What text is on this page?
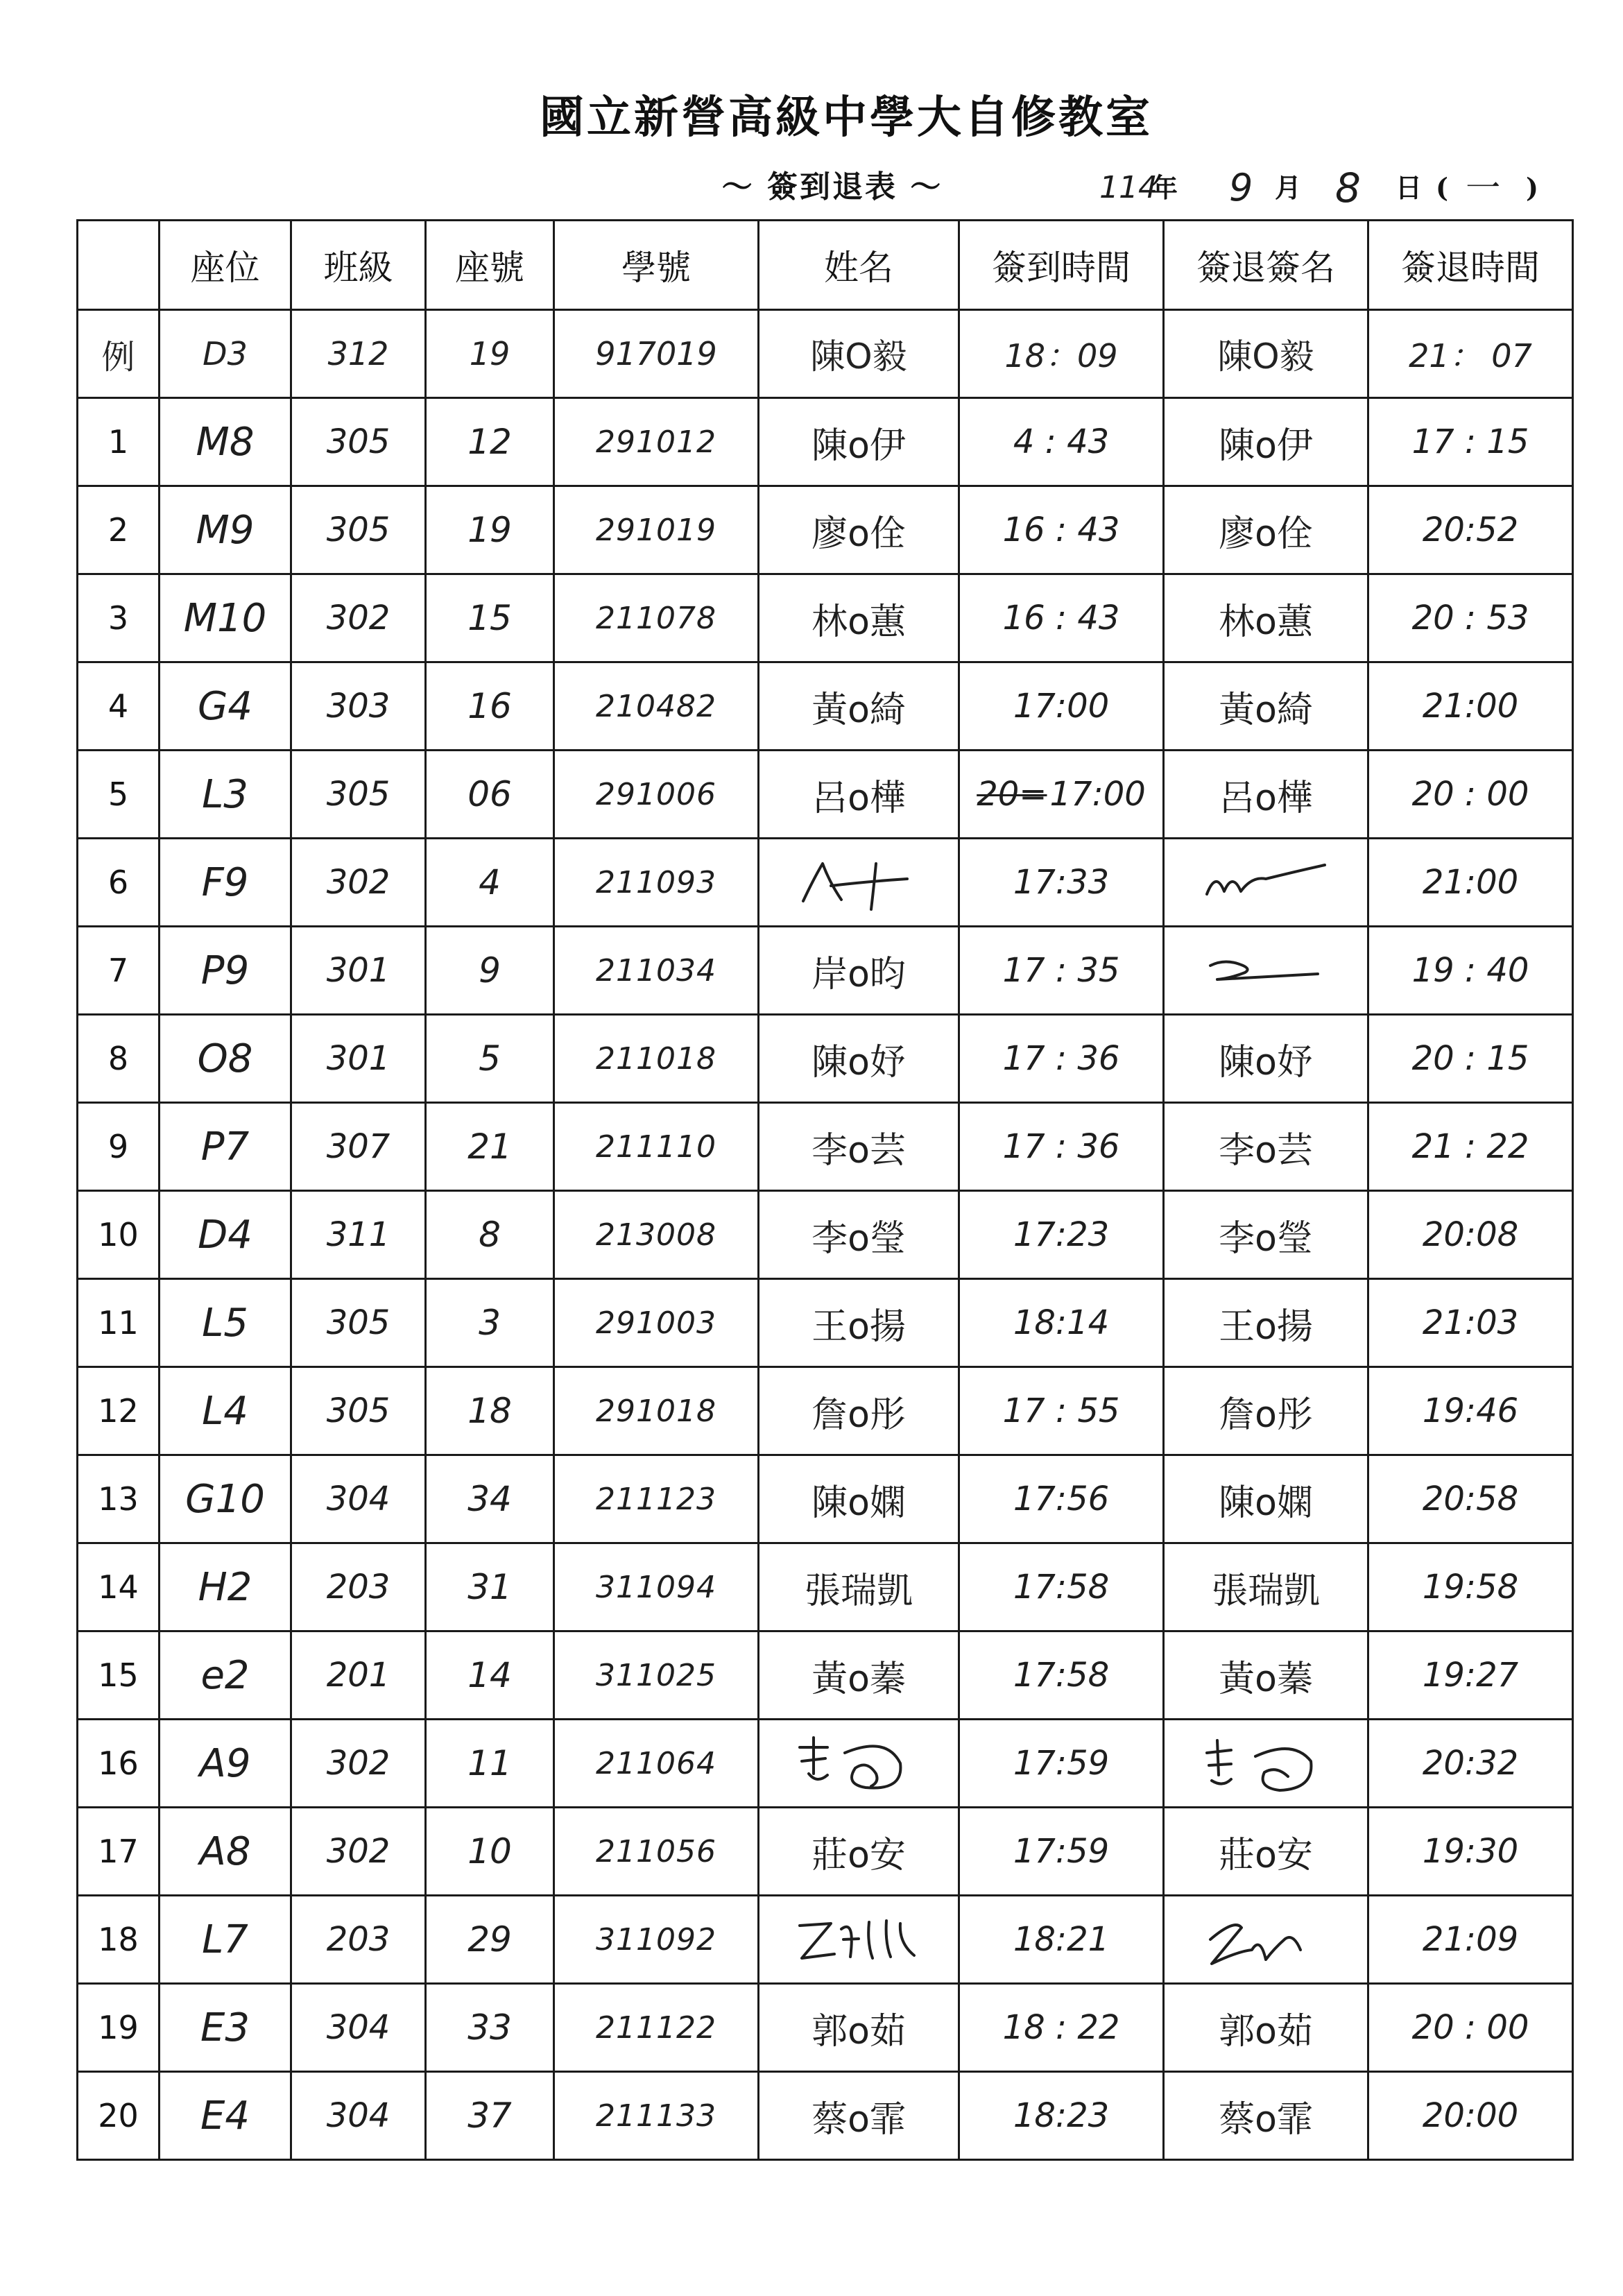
國立新營高級中學大自修教室
～ 簽到退表 ～	114
年 9 月 8 日 ( 一 )
	座位	班級	座號	學號	姓名	簽到時間	簽退簽名	簽退時間
例	D3	312	19	917019	陳O毅	18：09	陳O毅	21： 07
1	M8	305	12	291012	陳o伊	4 : 43	陳o伊	17 : 15
2	M9	305	19	291019	廖o佺	16 : 43	廖o佺	20:52
3	M10	302	15	211078	林o蕙	16 : 43	林o蕙	20 : 53
4	G4	303	16	210482	黃o綺	17:00	黃o綺	21:00
5	L3	305	06	291006	呂o樺	20=17:00	呂o樺	20 : 00
6	F9	302	4	211093		17:33		21:00
7	P9	301	9	211034	岸o昀	17 : 35		19 : 40
8	O8	301	5	211018	陳o妤	17 : 36	陳o妤	20 : 15
9	P7	307	21	211110	李o芸	17 : 36	李o芸	21 : 22
10	D4	311	8	213008	李o瑩	17:23	李o瑩	20:08
11	L5	305	3	291003	王o揚	18:14	王o揚	21:03
12	L4	305	18	291018	詹o彤	17 : 55	詹o彤	19:46
13	G10	304	34	211123	陳o嫻	17:56	陳o嫻	20:58
14	H2	203	31	311094	張瑞凱	17:58	張瑞凱	19:58
15	e2	201	14	311025	黃o蓁	17:58	黃o蓁	19:27
16	A9	302	11	211064		17:59		20:32
17	A8	302	10	211056	莊o安	17:59	莊o安	19:30
18	L7	203	29	311092		18:21		21:09
19	E3	304	33	211122	郭o茹	18 : 22	郭o茹	20 : 00
20	E4	304	37	211133	蔡o霏	18:23	蔡o霏	20:00
